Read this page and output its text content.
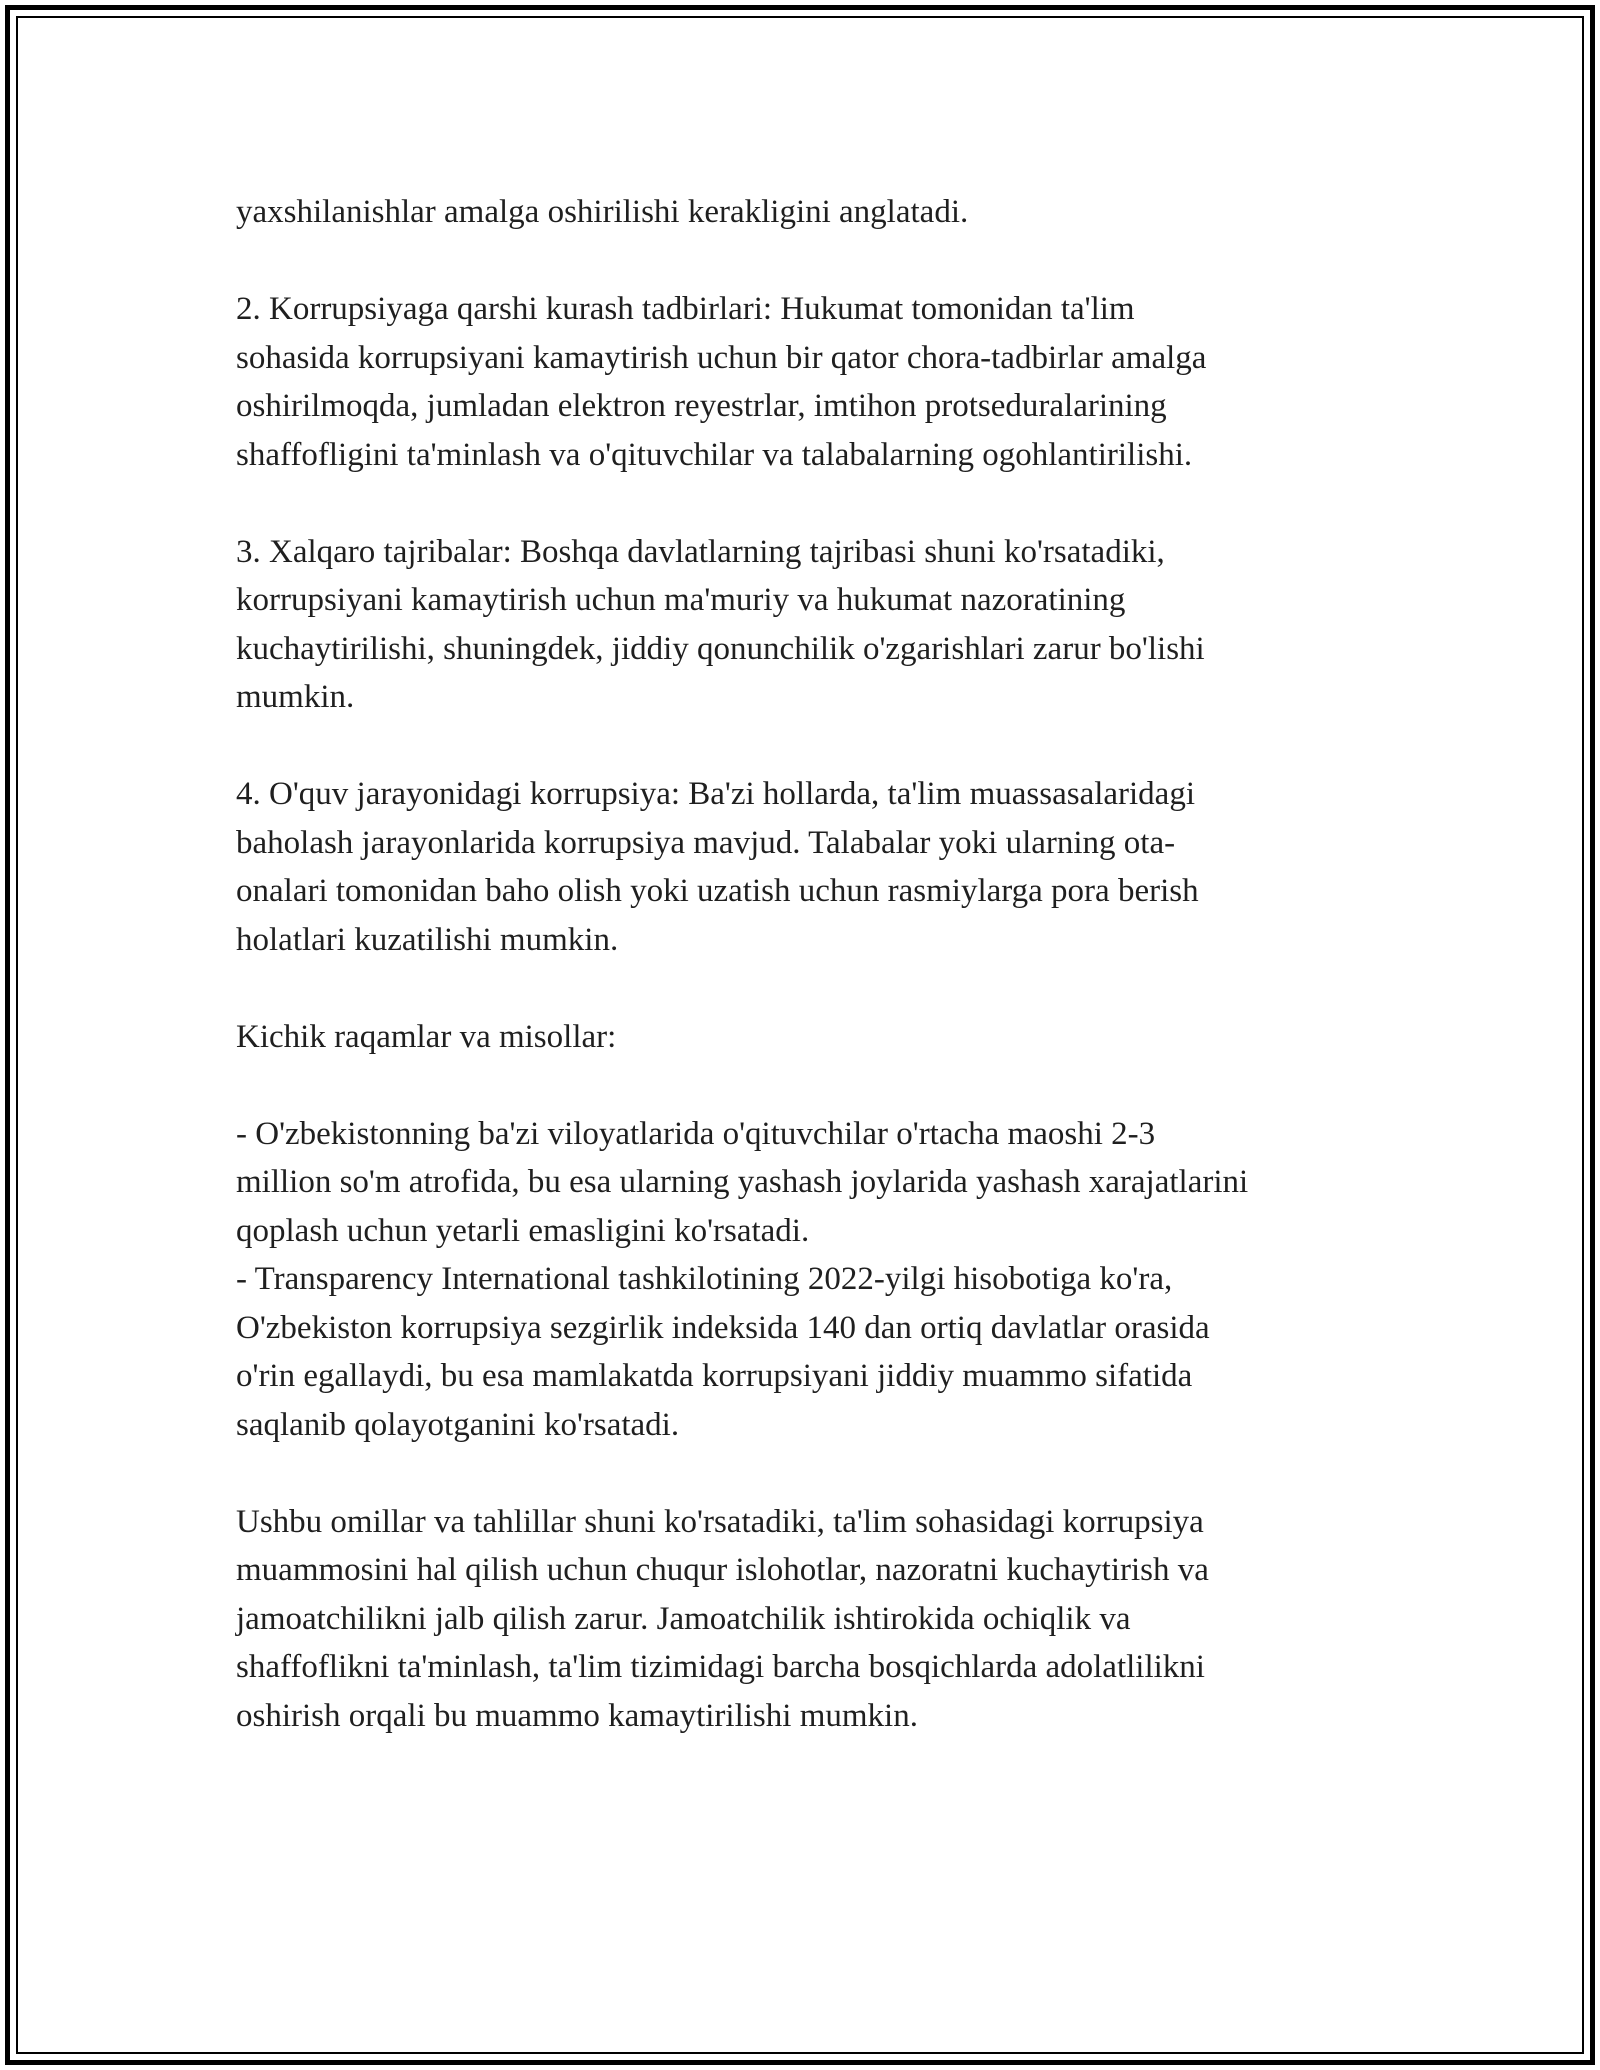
yaxshilanishlar amalga oshirilishi kerakligini anglatadi.

2. Korrupsiyaga qarshi kurash tadbirlari: Hukumat tomonidan ta'lim
sohasida korrupsiyani kamaytirish uchun bir qator chora-tadbirlar amalga
oshirilmoqda, jumladan elektron reyestrlar, imtihon protseduralarining
shaffofligini ta'minlash va o'qituvchilar va talabalarning ogohlantirilishi.

3. Xalqaro tajribalar: Boshqa davlatlarning tajribasi shuni ko'rsatadiki,
korrupsiyani kamaytirish uchun ma'muriy va hukumat nazoratining
kuchaytirilishi, shuningdek, jiddiy qonunchilik o'zgarishlari zarur bo'lishi
mumkin.

4. O'quv jarayonidagi korrupsiya: Ba'zi hollarda, ta'lim muassasalaridagi
baholash jarayonlarida korrupsiya mavjud. Talabalar yoki ularning ota-
onalari tomonidan baho olish yoki uzatish uchun rasmiylarga pora berish
holatlari kuzatilishi mumkin.

Kichik raqamlar va misollar:

- O'zbekistonning ba'zi viloyatlarida o'qituvchilar o'rtacha maoshi 2-3
million so'm atrofida, bu esa ularning yashash joylarida yashash xarajatlarini
qoplash uchun yetarli emasligini ko'rsatadi.
- Transparency International tashkilotining 2022-yilgi hisobotiga ko'ra,
O'zbekiston korrupsiya sezgirlik indeksida 140 dan ortiq davlatlar orasida
o'rin egallaydi, bu esa mamlakatda korrupsiyani jiddiy muammo sifatida
saqlanib qolayotganini ko'rsatadi.

Ushbu omillar va tahlillar shuni ko'rsatadiki, ta'lim sohasidagi korrupsiya
muammosini hal qilish uchun chuqur islohotlar, nazoratni kuchaytirish va
jamoatchilikni jalb qilish zarur. Jamoatchilik ishtirokida ochiqlik va
shaffoflikni ta'minlash, ta'lim tizimidagi barcha bosqichlarda adolatlilikni
oshirish orqali bu muammo kamaytirilishi mumkin.
